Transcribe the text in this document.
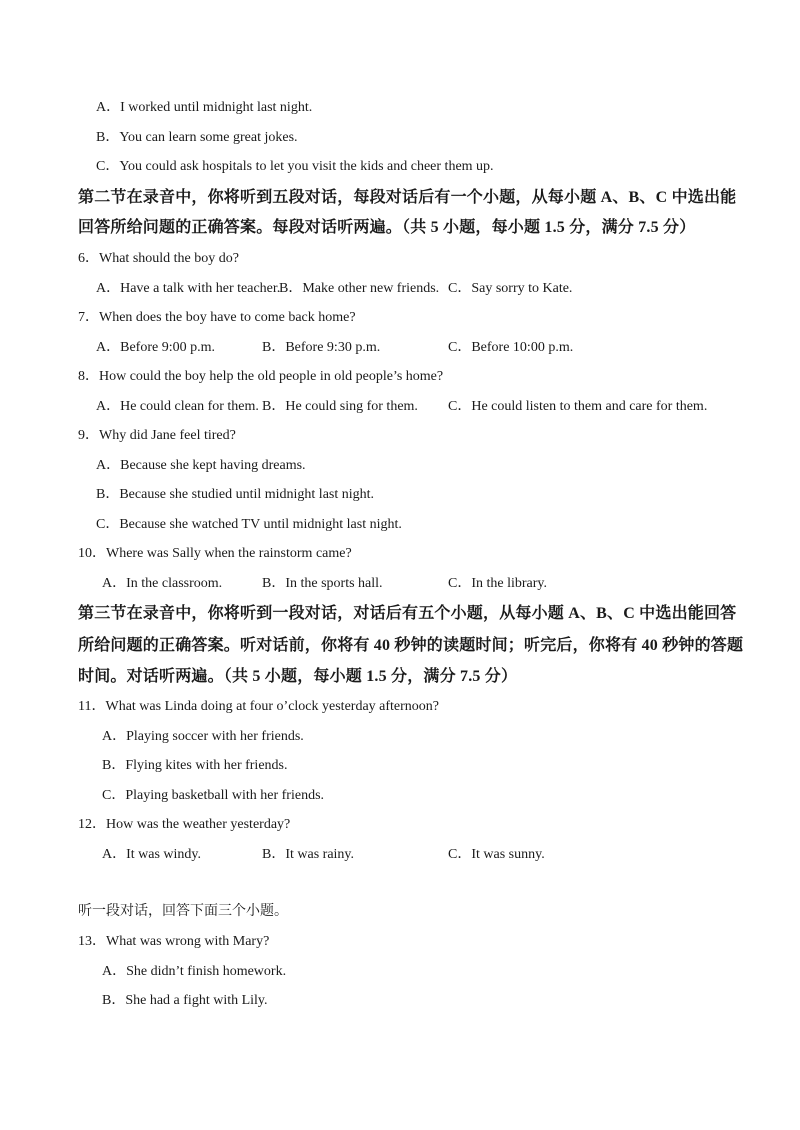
A．I worked until midnight last night.
B．You can learn some great jokes.
C．You could ask hospitals to let you visit the kids and cheer them up.
第二节在录音中，你将听到五段对话，每段对话后有一个小题，从每小题 A、B、C 中选出能
回答所给问题的正确答案。每段对话听两遍。（共 5 小题，每小题 1.5 分，满分 7.5 分）
6．What should the boy do?
A．Have a talk with her teacher.
B．Make other new friends. C．Say sorry to Kate.
7．When does the boy have to come back home?
A．Before 9:00 p.m.	B．Before 9:30 p.m.	C．Before 10:00 p.m.
8．How could the boy help the old people in old people’s home?
A．He could clean for them. B．He could sing for them. C．He could listen to them and care for them.
9．Why did Jane feel tired?
A．Because she kept having dreams.
B．Because she studied until midnight last night.
C．Because she watched TV until midnight last night.
10．Where was Sally when the rainstorm came?
A．In the classroom.	B．In the sports hall.	C．In the library.
第三节在录音中，你将听到一段对话，对话后有五个小题，从每小题 A、B、C 中选出能回答
所给问题的正确答案。听对话前，你将有 40 秒钟的读题时间；听完后，你将有 40 秒钟的答题
时间。对话听两遍。（共 5 小题，每小题 1.5 分，满分 7.5 分）
11．What was Linda doing at four o’clock yesterday afternoon?
A．Playing soccer with her friends.
B．Flying kites with her friends.
C．Playing basketball with her friends.
12．How was the weather yesterday?
A．It was windy.	B．It was rainy.	C．It was sunny.
听一段对话，回答下面三个小题。
13．What was wrong with Mary?
A．She didn’t finish homework.
B．She had a fight with Lily.
